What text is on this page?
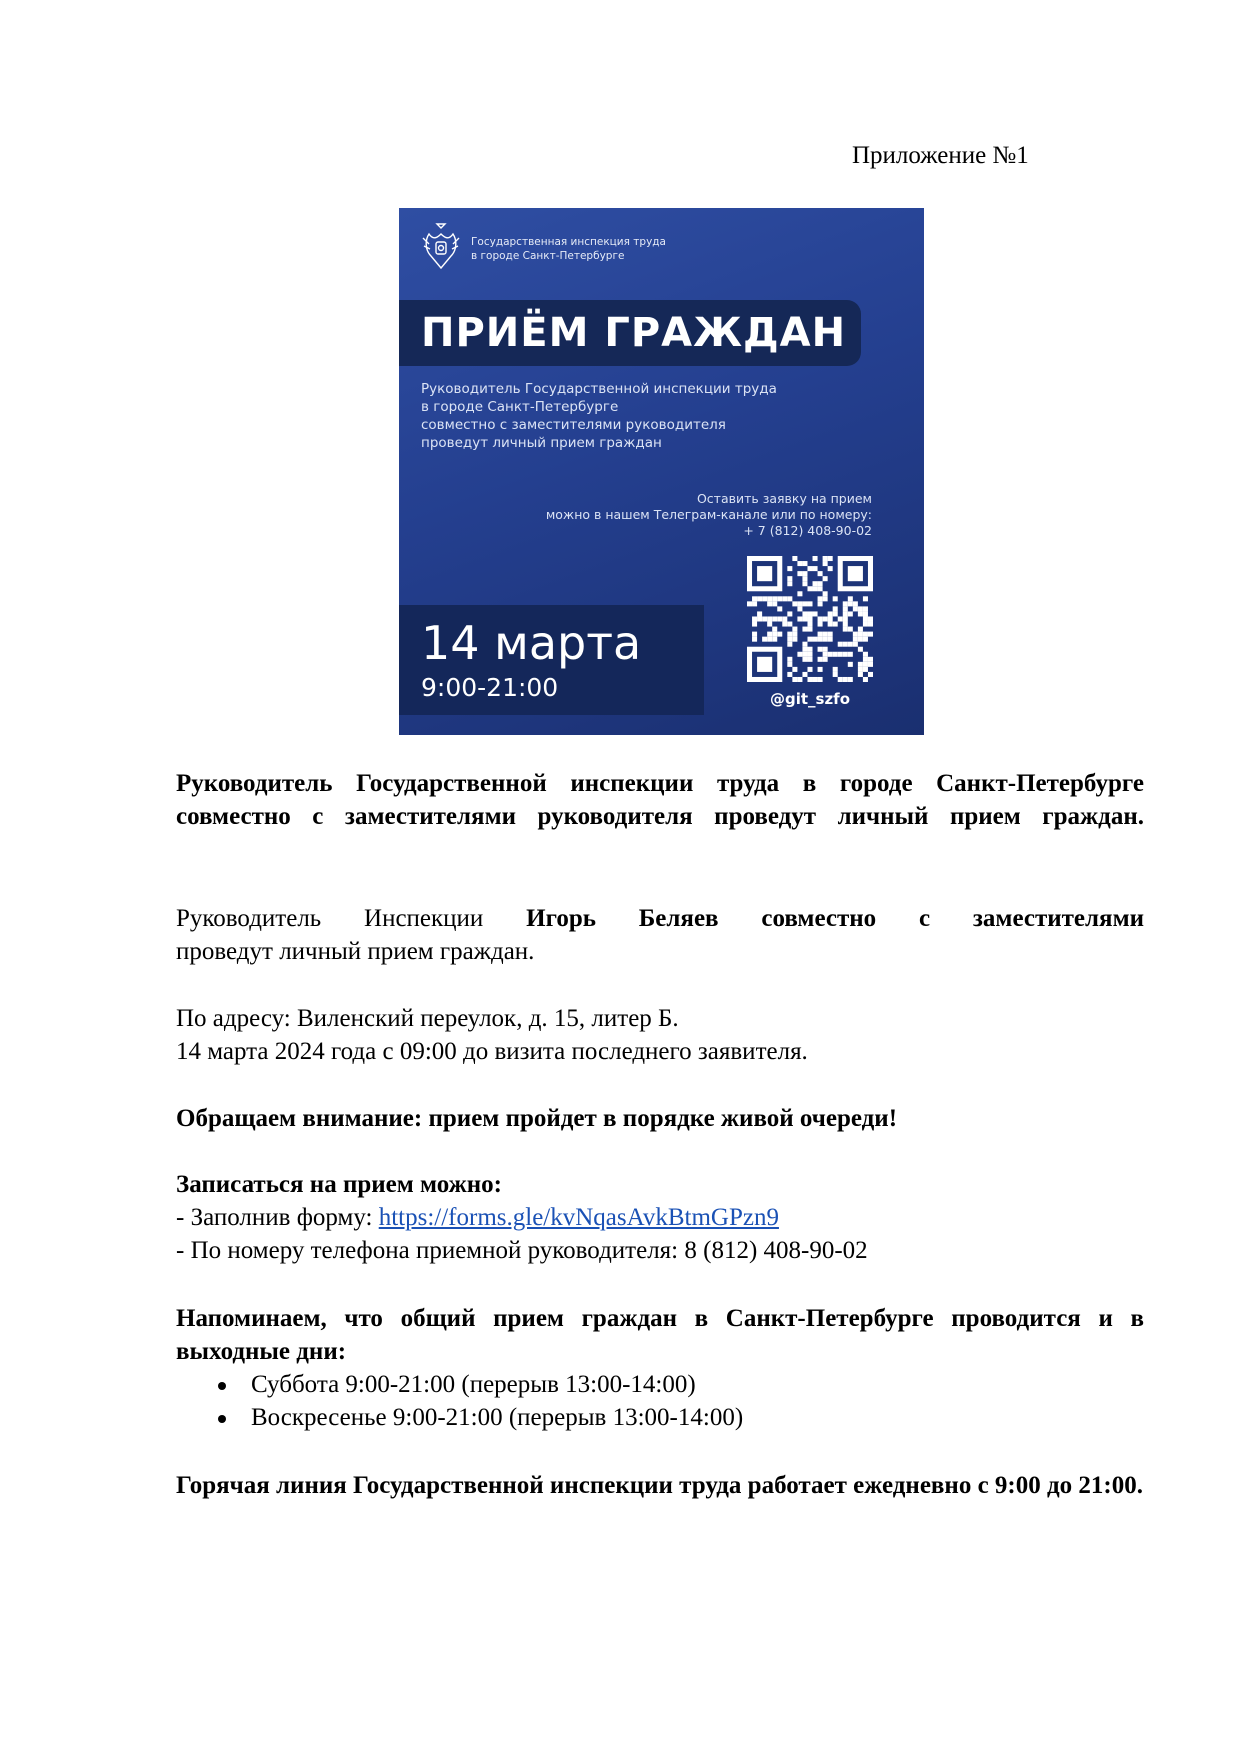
Приложение №1
Государственная инспекция труда
в городе Санкт-Петербурге
ПРИЁМ ГРАЖДАН
Руководитель Государственной инспекции труда
в городе Санкт-Петербурге
совместно с заместителями руководителя
проведут личный прием граждан
Оставить заявку на прием
можно в нашем Телеграм-канале или по номеру:
+ 7 (812) 408-90-02
14 марта
9:00-21:00	@git_szfo
Руководитель Государственной инспекции труда в городе Санкт-Петербурге совместно с заместителями руководителя проведут личный прием граждан.
Руководитель Инспекции Игорь Беляев совместно с заместителями
проведут личный прием граждан.
По адресу: Виленский переулок, д. 15, литер Б.
14 марта 2024 года с 09:00 до визита последнего заявителя.
Обращаем внимание: прием пройдет в порядке живой очереди!
Записаться на прием можно:
- Заполнив форму: https://forms.gle/kvNqasAvkBtmGPzn9
- По номеру телефона приемной руководителя: 8 (812) 408-90-02
Напоминаем, что общий прием граждан в Санкт-Петербурге проводится и в выходные дни:
Суббота 9:00-21:00 (перерыв 13:00-14:00)
Воскресенье 9:00-21:00 (перерыв 13:00-14:00)
Горячая линия Государственной инспекции труда работает ежедневно с 9:00 до 21:00.
